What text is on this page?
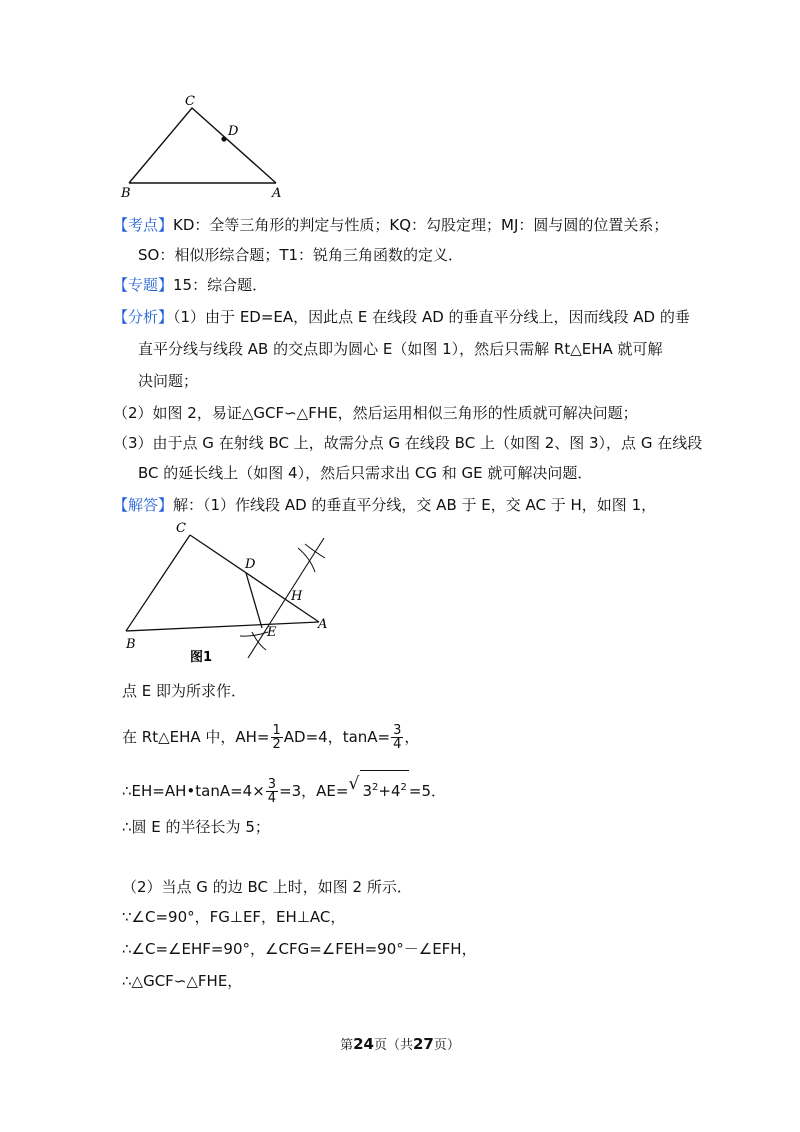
C
D
B	A
【考点】KD：全等三角形的判定与性质；KQ：勾股定理；MJ：圆与圆的位置关系；
SO：相似形综合题；T1：锐角三角函数的定义．
【专题】15：综合题．
【分析】（1）由于 ED=EA，因此点 E 在线段 AD 的垂直平分线上，因而线段 AD 的垂
直平分线与线段 AB 的交点即为圆心 E（如图 1），然后只需解 Rt△EHA 就可解
决问题；
（2）如图 2，易证△GCF∽△FHE，然后运用相似三角形的性质就可解决问题；
（3）由于点 G 在射线 BC 上，故需分点 G 在线段 BC 上（如图 2、图 3），点 G 在线段
BC 的延长线上（如图 4），然后只需求出 CG 和 GE 就可解决问题．
【解答】解：（1）作线段 AD 的垂直平分线，交 AB 于 E，交 AC 于 H，如图 1，
C
D
H
B
E
A
图1
点 E 即为所求作．
在 Rt△EHA 中，$AH= \frac{1}{2} AD=4$，$\tan A= \frac{3}{4}$ ，
∴EH=AH•tanA=4× $\frac{3}{4} =3$，AE= √ $3^2+4^2 =5$．
∴圆 E 的半径长为 5；
（2）当点 G 的边 BC 上时，如图 2 所示．
∵∠C=90°，FG⊥EF，EH⊥AC，
∴∠C=∠EHF=90°，∠CFG=∠FEH=90°－∠EFH，
∴△GCF∽△FHE，
第24页（共27页）
